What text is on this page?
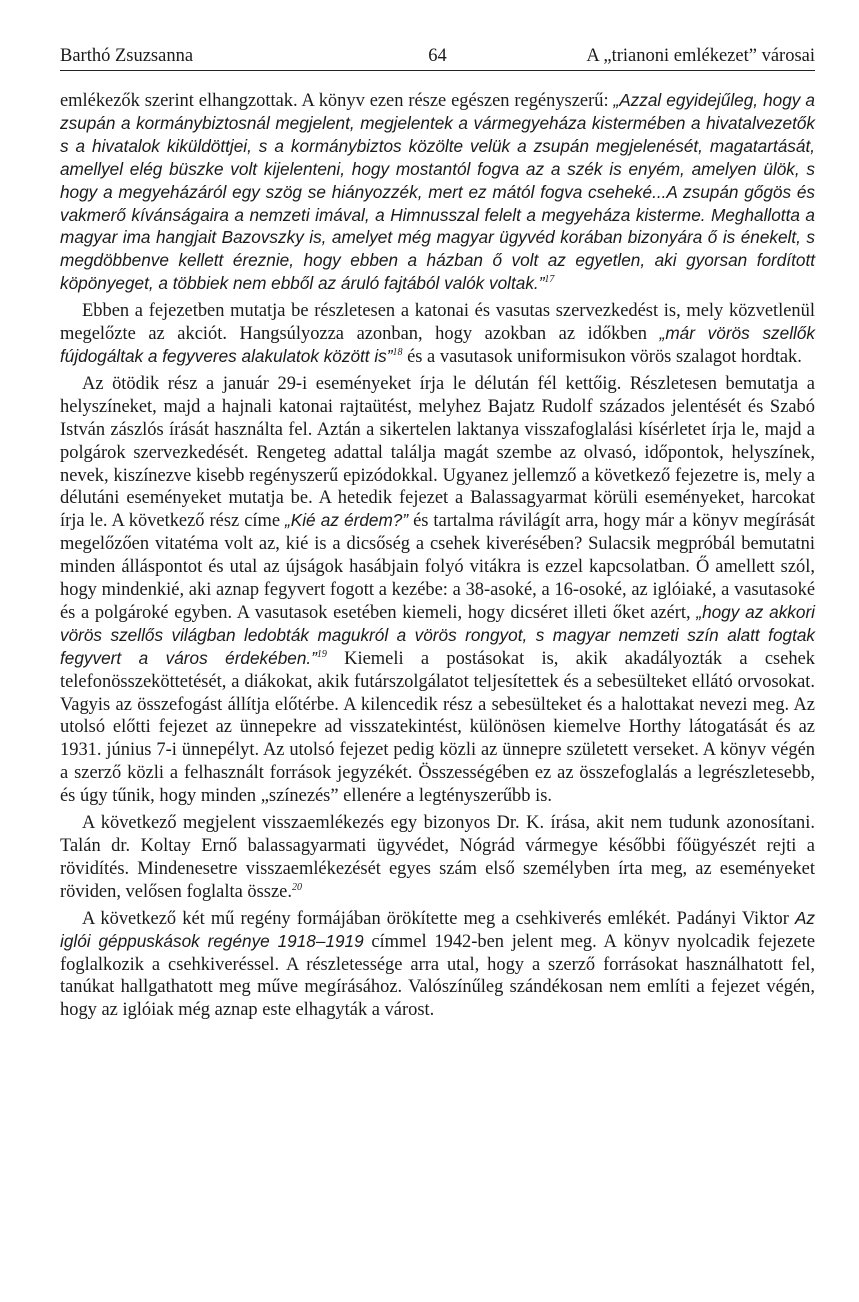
Barthó Zsuzsanna	64	A „trianoni emlékezet” városai

emlékezők szerint elhangzottak. A könyv ezen része egészen regényszerű: „Azzal egyidejűleg, hogy a zsupán a kormánybiztosnál megjelent, megjelentek a vármegyeháza kistermében a hivatalvezetők s a hivatalok kiküldöttjei, s a kormánybiztos közölte velük a zsupán megjelenését, magatartását, amellyel elég büszke volt kijelenteni, hogy mostantól fogva az a szék is enyém, amelyen ülök, s hogy a megyeházáról egy szög se hiányozzék, mert ez mától fogva cseheké...A zsupán gőgös és vakmerő kívánságaira a nemzeti imával, a Himnusszal felelt a megyeháza kisterme. Meghallotta a magyar ima hangjait Bazovszky is, amelyet még magyar ügyvéd korában bizonyára ő is énekelt, s megdöbbenve kellett éreznie, hogy ebben a házban ő volt az egyetlen, aki gyorsan fordított köpönyeget, a többiek nem ebből az áruló fajtából valók voltak.”$^{17}$

Ebben a fejezetben mutatja be részletesen a katonai és vasutas szervezkedést is, mely közvetlenül megelőzte az akciót. Hangsúlyozza azonban, hogy azokban az időkben „már vörös szellők fújdogáltak a fegyveres alakulatok között is”$^{18}$ és a vasutasok uniformisukon vörös szalagot hordtak.

Az ötödik rész a január 29-i eseményeket írja le délután fél kettőig. Részletesen bemutatja a helyszíneket, majd a hajnali katonai rajtaütést, melyhez Bajatz Rudolf százados jelentését és Szabó István zászlós írását használta fel. Aztán a sikertelen laktanya visszafoglalási kísérletet írja le, majd a polgárok szervezkedését. Rengeteg adattal találja magát szembe az olvasó, időpontok, helyszínek, nevek, kiszínezve kisebb regényszerű epizódokkal. Ugyanez jellemző a következő fejezetre is, mely a délutáni eseményeket mutatja be. A hetedik fejezet a Balassagyarmat körüli eseményeket, harcokat írja le. A következő rész címe „Kié az érdem?” és tartalma rávilágít arra, hogy már a könyv megírását megelőzően vitatéma volt az, kié is a dicsőség a csehek kiverésében? Sulacsik megpróbál bemutatni minden álláspontot és utal az újságok hasábjain folyó vitákra is ezzel kapcsolatban. Ő amellett szól, hogy mindenkié, aki aznap fegyvert fogott a kezébe: a 38-asoké, a 16-osoké, az iglóiaké, a vasutasoké és a polgároké egyben. A vasutasok esetében kiemeli, hogy dicséret illeti őket azért, „hogy az akkori vörös szellős világban ledobták magukról a vörös rongyot, s magyar nemzeti szín alatt fogtak fegyvert a város érdekében.”$^{19}$ Kiemeli a postásokat is, akik akadályozták a csehek telefonösszeköttetését, a diákokat, akik futárszolgálatot teljesítettek és a sebesülteket ellátó orvosokat. Vagyis az összefogást állítja előtérbe. A kilencedik rész a sebesülteket és a halottakat nevezi meg. Az utolsó előtti fejezet az ünnepekre ad visszatekintést, különösen kiemelve Horthy látogatását és az 1931. június 7-i ünnepélyt. Az utolsó fejezet pedig közli az ünnepre született verseket. A könyv végén a szerző közli a felhasznált források jegyzékét. Összességében ez az összefoglalás a legrészletesebb, és úgy tűnik, hogy minden „színezés” ellenére a legtényszerűbb is.

A következő megjelent visszaemlékezés egy bizonyos Dr. K. írása, akit nem tudunk azonosítani. Talán dr. Koltay Ernő balassagyarmati ügyvédet, Nógrád vármegye későbbi főügyészét rejti a rövidítés. Mindenesetre visszaemlékezését egyes szám első személyben írta meg, az eseményeket röviden, velősen foglalta össze.$^{20}$

A következő két mű regény formájában örökítette meg a csehkiverés emlékét. Padányi Viktor Az iglói géppuskások regénye 1918–1919 címmel 1942-ben jelent meg. A könyv nyolcadik fejezete foglalkozik a csehkiveréssel. A részletessége arra utal, hogy a szerző forrásokat használhatott fel, tanúkat hallgathatott meg műve megírásához. Valószínűleg szándékosan nem említi a fejezet végén, hogy az iglóiak még aznap este elhagyták a várost.
